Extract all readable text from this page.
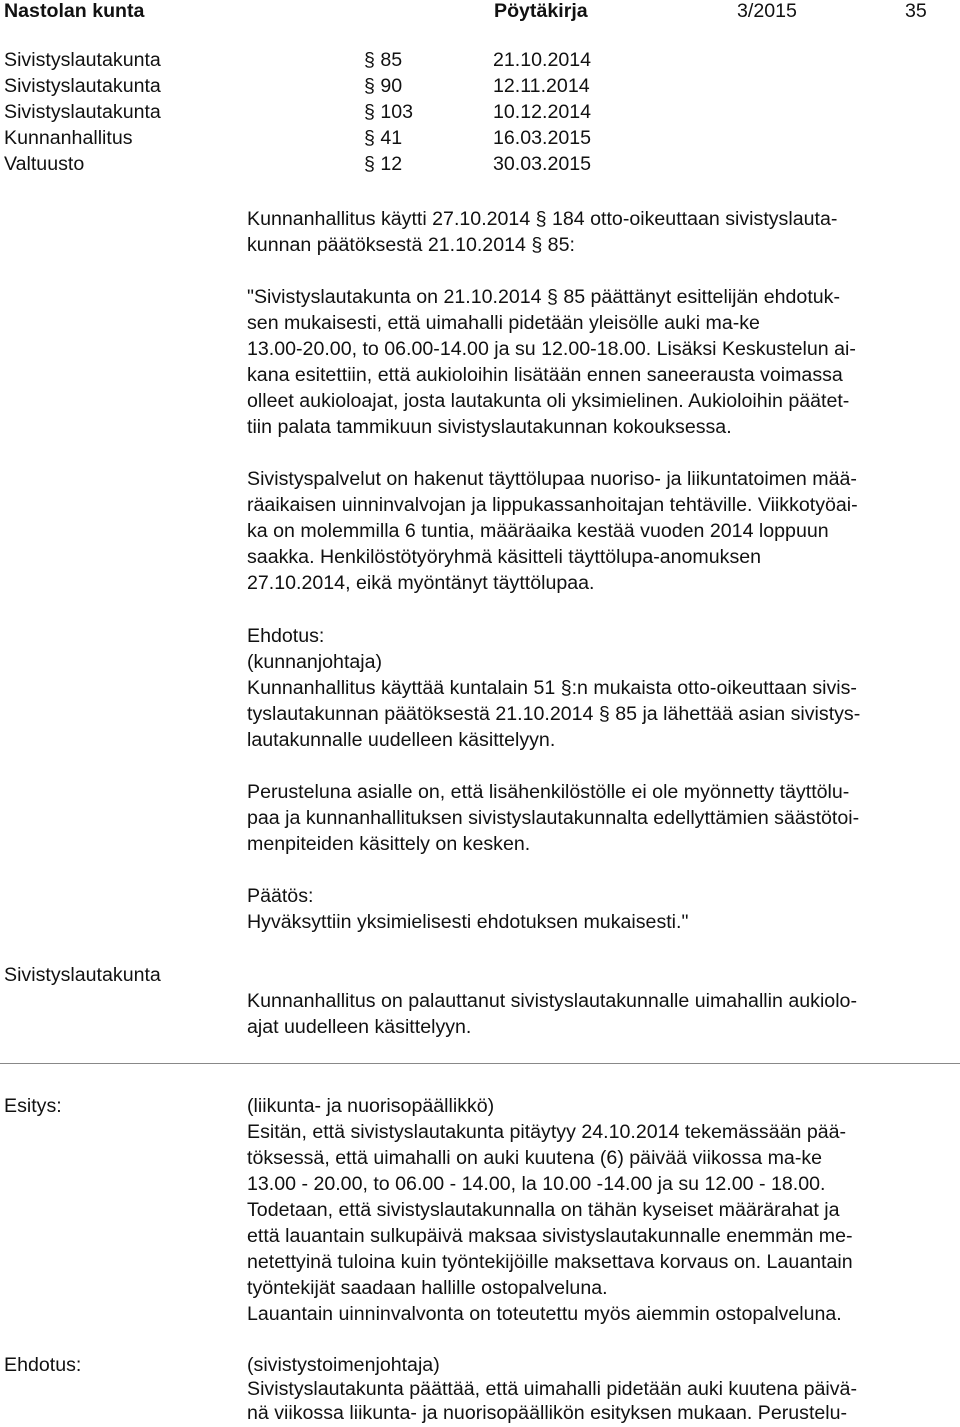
Nastolan kunta	Pöytäkirja	3/2015	35
Sivistyslautakunta	§ 85	21.10.2014
Sivistyslautakunta	§ 90	12.11.2014
Sivistyslautakunta	§ 103	10.12.2014
Kunnanhallitus	§ 41	16.03.2015
Valtuusto	§ 12	30.03.2015
Kunnanhallitus käytti 27.10.2014 § 184 otto-oikeuttaan sivistyslauta-
kunnan päätöksestä 21.10.2014 § 85:
"Sivistyslautakunta on 21.10.2014 § 85 päättänyt esittelijän ehdotuk-
sen mukaisesti, että uimahalli pidetään yleisölle auki ma-ke
13.00-20.00, to 06.00-14.00 ja su 12.00-18.00. Lisäksi Keskustelun ai-
kana esitettiin, että aukioloihin lisätään ennen saneerausta voimassa
olleet aukioloajat, josta lautakunta oli yksimielinen. Aukioloihin päätet-
tiin palata tammikuun sivistyslautakunnan kokouksessa.
Sivistyspalvelut on hakenut täyttölupaa nuoriso- ja liikuntatoimen mää-
räaikaisen uinninvalvojan ja lippukassanhoitajan tehtäville. Viikkotyöai-
ka on molemmilla 6 tuntia, määräaika kestää vuoden 2014 loppuun
saakka. Henkilöstötyöryhmä käsitteli täyttölupa-anomuksen
27.10.2014, eikä myöntänyt täyttölupaa.
Ehdotus:
(kunnanjohtaja)
Kunnanhallitus käyttää kuntalain 51 §:n mukaista otto-oikeuttaan sivis-
tyslautakunnan päätöksestä 21.10.2014 § 85 ja lähettää asian sivistys-
lautakunnalle uudelleen käsittelyyn.
Perusteluna asialle on, että lisähenkilöstölle ei ole myönnetty täyttölu-
paa ja kunnanhallituksen sivistyslautakunnalta edellyttämien säästötoi-
menpiteiden käsittely on kesken.
Päätös:
Hyväksyttiin yksimielisesti ehdotuksen mukaisesti."
Sivistyslautakunta
Kunnanhallitus on palauttanut sivistyslautakunnalle uimahallin aukiolo-
ajat uudelleen käsittelyyn.
Esitys:	(liikunta- ja nuorisopäällikkö)
Esitän, että sivistyslautakunta pitäytyy 24.10.2014 tekemässään pää-
töksessä, että uimahalli on auki kuutena (6) päivää viikossa ma-ke
13.00 - 20.00, to 06.00 - 14.00, la 10.00 -14.00 ja su 12.00 - 18.00.
Todetaan, että sivistyslautakunnalla on tähän kyseiset määrärahat ja
että lauantain sulkupäivä maksaa sivistyslautakunnalle enemmän me-
netettyinä tuloina kuin työntekijöille maksettava korvaus on. Lauantain
työntekijät saadaan hallille ostopalveluna.
Lauantain uinninvalvonta on toteutettu myös aiemmin ostopalveluna.
Ehdotus:	(sivistystoimenjohtaja)
Sivistyslautakunta päättää, että uimahalli pidetään auki kuutena päivä-
nä viikossa liikunta- ja nuorisopäällikön esityksen mukaan. Perustelu-
